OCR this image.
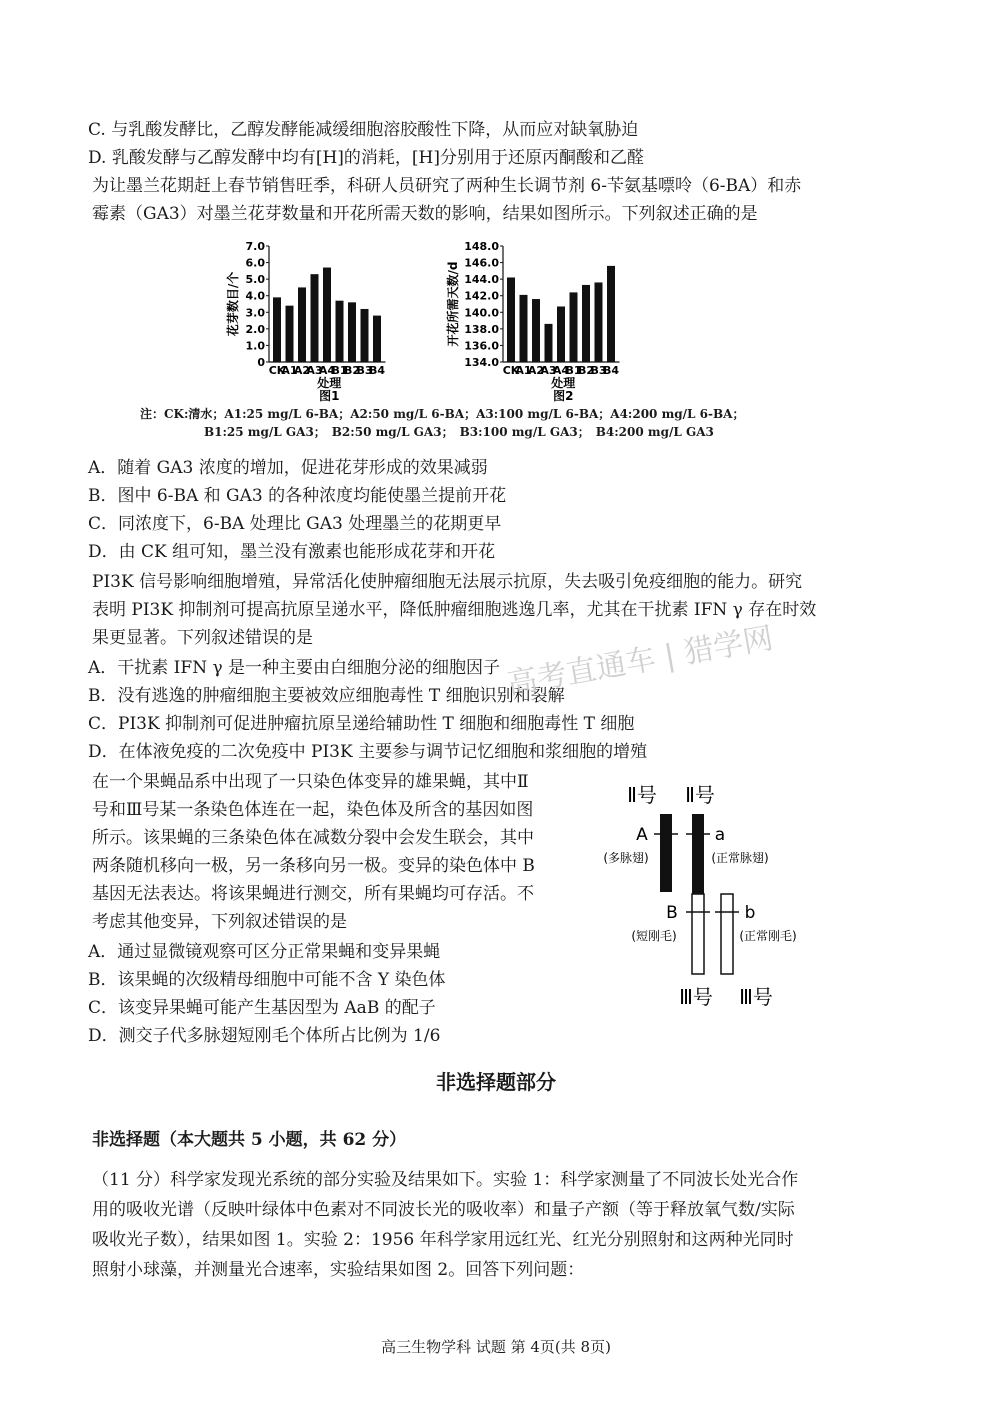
C. 与乳酸发酵比，乙醇发酵能减缓细胞溶胶酸性下降，从而应对缺氧胁迫
D. 乳酸发酵与乙醇发酵中均有[H]的消耗，[H]分别用于还原丙酮酸和乙醛
为让墨兰花期赶上春节销售旺季，科研人员研究了两种生长调节剂 6-苄氨基嘌呤（6-BA）和赤
霉素（GA3）对墨兰花芽数量和开花所需天数的影响，结果如图所示。下列叙述正确的是
0
1.0
2.0
3.0
4.0
5.0
6.0
7.0
CK
A1
A2
A3
A4
B1
B2
B3
B4
处理
图1
花芽数目/个
134.0
136.0
138.0
140.0
142.0
144.0
146.0
148.0
CK
A1
A2
A3
A4
B1
B2
B3
B4
处理
图2
开花所需天数/d
注：CK:清水；A1:25 mg/L 6-BA；A2:50 mg/L 6-BA；A3:100 mg/L 6-BA；A4:200 mg/L 6-BA；
B1:25 mg/L GA3；　B2:50 mg/L GA3；　B3:100 mg/L GA3；　B4:200 mg/L GA3
A．随着 GA3 浓度的增加，促进花芽形成的效果减弱
B．图中 6-BA 和 GA3 的各种浓度均能使墨兰提前开花
C．同浓度下，6-BA 处理比 GA3 处理墨兰的花期更早
D．由 CK 组可知，墨兰没有激素也能形成花芽和开花
PI3K 信号影响细胞增殖，异常活化使肿瘤细胞无法展示抗原，失去吸引免疫细胞的能力。研究
表明 PI3K 抑制剂可提高抗原呈递水平，降低肿瘤细胞逃逸几率，尤其在干扰素 IFN γ 存在时效
果更显著。下列叙述错误的是
A．干扰素 IFN γ 是一种主要由白细胞分泌的细胞因子
B．没有逃逸的肿瘤细胞主要被效应细胞毒性 T 细胞识别和裂解
C．PI3K 抑制剂可促进肿瘤抗原呈递给辅助性 T 细胞和细胞毒性 T 细胞
D．在体液免疫的二次免疫中 PI3K 主要参与调节记忆细胞和浆细胞的增殖
高考直通车 | 猎学网
在一个果蝇品系中出现了一只染色体变异的雄果蝇，其中Ⅱ
号和Ⅲ号某一条染色体连在一起，染色体及所含的基因如图
所示。该果蝇的三条染色体在减数分裂中会发生联会，其中
两条随机移向一极，另一条移向另一极。变异的染色体中 B
基因无法表达。将该果蝇进行测交，所有果蝇均可存活。不
考虑其他变异，下列叙述错误的是
A．通过显微镜观察可区分正常果蝇和变异果蝇
B．该果蝇的次级精母细胞中可能不含 Y 染色体
C．该变异果蝇可能产生基因型为 AaB 的配子
D．测交子代多脉翅短刚毛个体所占比例为 1/6
Ⅱ号 Ⅱ号
A
(多脉翅)
a
(正常脉翅)
B
(短刚毛)
b
(正常刚毛)
Ⅲ号 Ⅲ号
非选择题部分
非选择题（本大题共 5 小题，共 62 分）
（11 分）科学家发现光系统的部分实验及结果如下。实验 1：科学家测量了不同波长处光合作
用的吸收光谱（反映叶绿体中色素对不同波长光的吸收率）和量子产额（等于释放氧气数/实际
吸收光子数），结果如图 1。实验 2：1956 年科学家用远红光、红光分别照射和这两种光同时
照射小球藻，并测量光合速率，实验结果如图 2。回答下列问题：
高三生物学科 试题 第 4页(共 8页)
